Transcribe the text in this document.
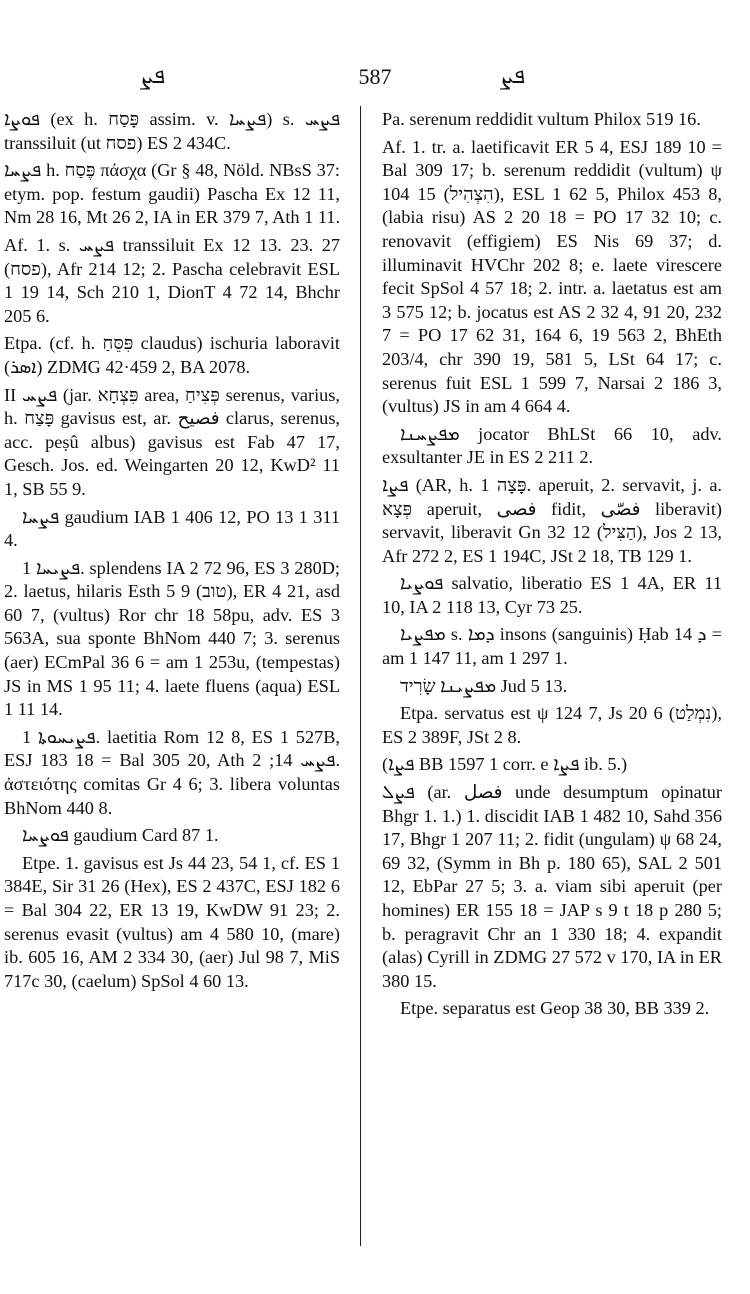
ܦܨ	587	ܦܨ

ܦܘܨܐ (ex h. פָּסַח assim. v. ܦܨܚܐ) s. ܦܨܚ transsiluit (ut פסח) ES 2 434C.

ܦܨܚܐ h. פֶּסַח πάσχα (Gr § 48, Nöld. NBsS 37: etym. pop. festum gaudii) Pascha Ex 12 11, Nm 28 16, Mt 26 2, IA in ER 379 7, Ath 1 11.

Af. 1. s. ܦܨܚ transsiluit Ex 12 13. 23. 27 (פסח), Afr 214 12; 2. Pascha celebravit ESL 1 19 14, Sch 210 1, DionT 4 72 14, Bhchr 205 6.

Etpa. (cf. h. פִּסֵּחַ claudus) ischuria laboravit (ܐܣܪ) ZDMG 42·459 2, BA 2078.

II ܦܨܚ (jar. פִּצְחָא area, פְּצִיחַ serenus, varius, h. פָּצַח gavisus est, ar. فصيح clarus, serenus, acc. peṣû albus) gavisus est Fab 47 17, Gesch. Jos. ed. Weingarten 20 12, KwD² 11 1, SB 55 9.

ܦܨܚܐ gaudium IAB 1 406 12, PO 13 1 311 4.

ܦܨܝܚܐ 1. splendens IA 2 72 96, ES 3 280D; 2. laetus, hilaris Esth 5 9 (טוב), ER 4 21, asd 60 7, (vultus) Ror chr 18 58pu, adv. ES 3 563A, sua sponte BhNom 440 7; 3. serenus (aer) ECmPal 36 6 = am 1 253u, (tempestas) JS in MS 1 95 11; 4. laete fluens (aqua) ESL 1 11 14.

ܦܨܝܚܘܬܐ 1. laetitia Rom 12 8, ES 1 527B, ESJ 183 18 = Bal 305 20, Ath ܦܨܚ 14; 2. ἀστειότης comitas Gr 4 6; 3. libera voluntas BhNom 440 8.

ܦܘܨܚܐ gaudium Card 87 1.

Etpe. 1. gavisus est Js 44 23, 54 1, cf. ES 1 384E, Sir 31 26 (Hex), ES 2 437C, ESJ 182 6 = Bal 304 22, ER 13 19, KwDW 91 23; 2. serenus evasit (vultus) am 4 580 10, (mare) ib. 605 16, AM 2 334 30, (aer) Jul 98 7, MiS 717c 30, (caelum) SpSol 4 60 13.

Pa. serenum reddidit vultum Philox 519 16.

Af. 1. tr. a. laetificavit ER 5 4, ESJ 189 10 = Bal 309 17; b. serenum reddidit (vultum) ψ 104 15 (הִצְהִיל), ESL 1 62 5, Philox 453 8, (labia risu) AS 2 20 18 = PO 17 32 10; c. renovavit (effigiem) ES Nis 69 37; d. illuminavit HVChr 202 8; e. laete virescere fecit SpSol 4 57 18; 2. intr. a. laetatus est am 3 575 12; b. jocatus est AS 2 32 4, 91 20, 232 7 = PO 17 62 31, 164 6, 19 563 2, BhEth 203/4, chr 390 19, 581 5, LSt 64 17; c. serenus fuit ESL 1 599 7, Narsai 2 186 3, (vultus) JS in am 4 664 4.

ܡܦܨܚܢܐ jocator BhLSt 66 10, adv. exsultanter JE in ES 2 211 2.

ܦܨܐ (AR, h. פָּצָה 1. aperuit, 2. servavit, j. a. פְּצָא aperuit, فصى fidit, فصّى liberavit) servavit, liberavit Gn 32 12 (הַצִּיל), Jos 2 13, Afr 272 2, ES 1 194C, JSt 2 18, TB 129 1.

ܦܘܨܝܐ salvatio, liberatio ES 1 4A, ER 11 10, IA 2 118 13, Cyr 73 25.

ܡܦܨܝܐ s. ܕܡܐ insons (sanguinis) Ḥab ܕ 14 = am 1 147 11, am 1 297 1.

ܡܦܨܝܢܐ שָׂרִיד Jud 5 13.

Etpa. servatus est ψ 124 7, Js 20 6 (נִמְלַט), ES 2 389F, JSt 2 8.

(ܦܨܐ BB 1597 1 corr. e ܦܨܐ ib. 5.)

ܦܨܠ (ar. فصل unde desumptum opinatur Bhgr 1. 1.) 1. discidit IAB 1 482 10, Sahd 356 17, Bhgr 1 207 11; 2. fidit (ungulam) ψ 68 24, 69 32, (Symm in Bh p. 180 65), SAL 2 501 12, EbPar 27 5; 3. a. viam sibi aperuit (per homines) ER 155 18 = JAP s 9 t 18 p 280 5; b. peragravit Chr an 1 330 18; 4. expandit (alas) Cyrill in ZDMG 27 572 v 170, IA in ER 380 15.

Etpe. separatus est Geop 38 30, BB 339 2.
